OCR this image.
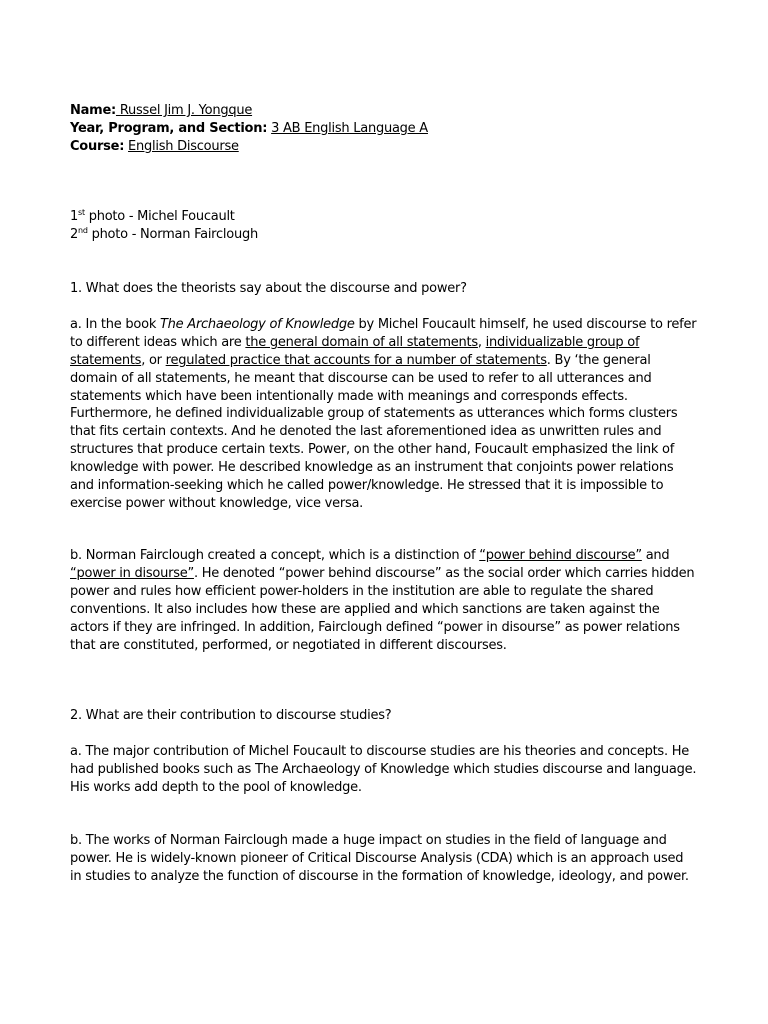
Name: Russel Jim J. Yongque
Year, Program, and Section: 3 AB English Language A
Course: English Discourse
1st photo - Michel Foucault
2nd photo - Norman Fairclough
1. What does the theorists say about the discourse and power?
a. In the book The Archaeology of Knowledge by Michel Foucault himself, he used discourse to refer
to different ideas which are the general domain of all statements, individualizable group of
statements, or regulated practice that accounts for a number of statements. By ‘the general
domain of all statements, he meant that discourse can be used to refer to all utterances and
statements which have been intentionally made with meanings and corresponds effects.
Furthermore, he defined individualizable group of statements as utterances which forms clusters
that fits certain contexts. And he denoted the last aforementioned idea as unwritten rules and
structures that produce certain texts. Power, on the other hand, Foucault emphasized the link of
knowledge with power. He described knowledge as an instrument that conjoints power relations
and information-seeking which he called power/knowledge. He stressed that it is impossible to
exercise power without knowledge, vice versa.
b. Norman Fairclough created a concept, which is a distinction of “power behind discourse” and
“power in disourse”. He denoted “power behind discourse” as the social order which carries hidden
power and rules how efficient power-holders in the institution are able to regulate the shared
conventions. It also includes how these are applied and which sanctions are taken against the
actors if they are infringed. In addition, Fairclough defined “power in disourse” as power relations
that are constituted, performed, or negotiated in different discourses.
2. What are their contribution to discourse studies?
a. The major contribution of Michel Foucault to discourse studies are his theories and concepts. He
had published books such as The Archaeology of Knowledge which studies discourse and language.
His works add depth to the pool of knowledge.
b. The works of Norman Fairclough made a huge impact on studies in the field of language and
power. He is widely-known pioneer of Critical Discourse Analysis (CDA) which is an approach used
in studies to analyze the function of discourse in the formation of knowledge, ideology, and power.
